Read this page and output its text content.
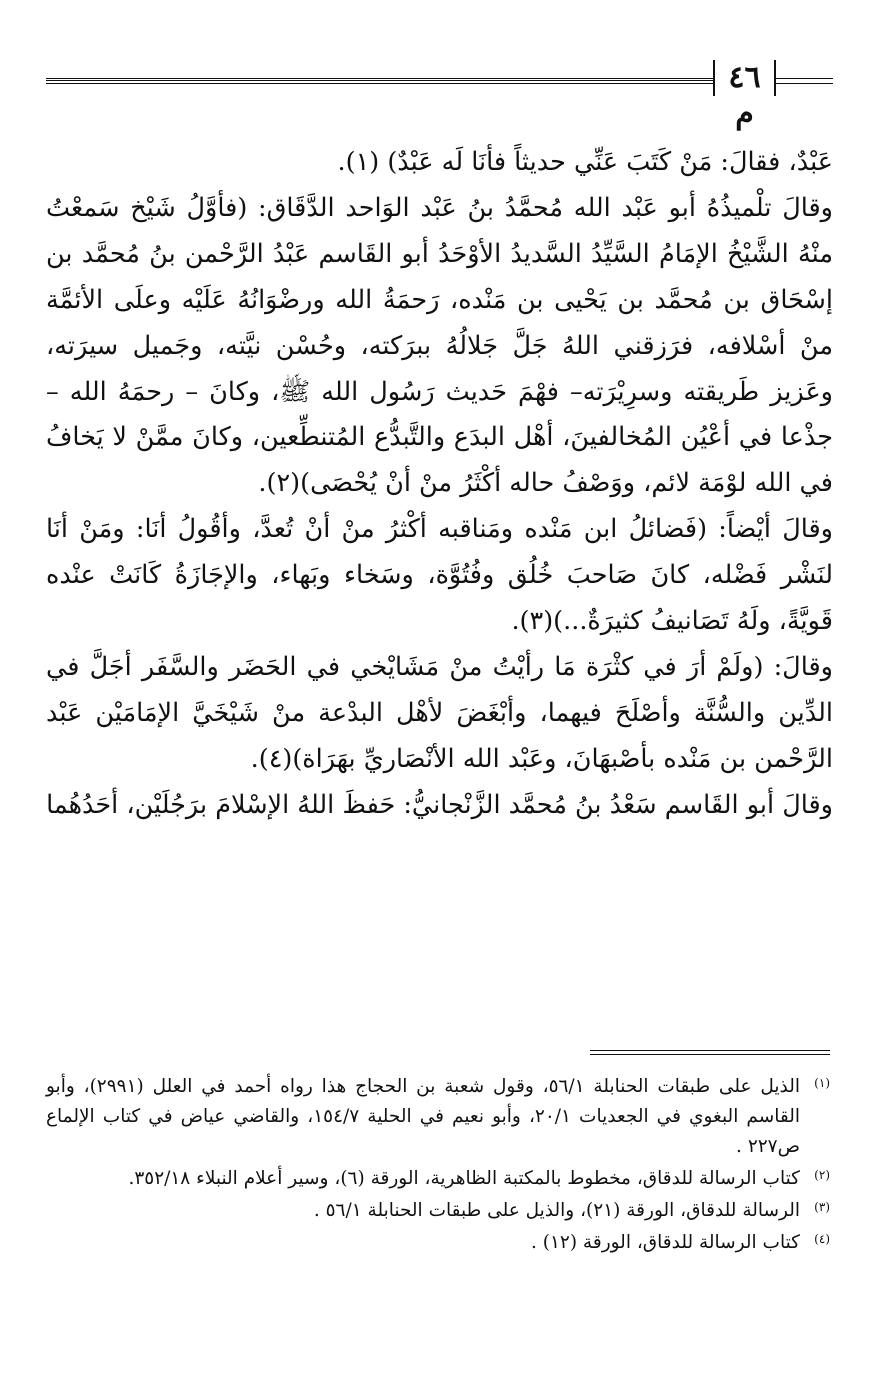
٤٦ م

عَبْدٌ، فقالَ: مَنْ كَتَبَ عَنِّي حديثاً فأنَا لَه عَبْدٌ) (١).

وقالَ تلْميذُهُ أبو عَبْد الله مُحمَّدُ بنُ عَبْد الوَاحد الدَّقَاق: (فأوَّلُ شَيْخ سَمعْتُ منْهُ الشَّيْخُ الإمَامُ السَّيِّدُ السَّديدُ الأوْحَدُ أبو القَاسم عَبْدُ الرَّحْمن بنُ مُحمَّد بن إسْحَاق بن مُحمَّد بن يَحْيى بن مَنْده، رَحمَةُ الله ورضْوَانُهُ عَلَيْه وعلَى الأئمَّة منْ أسْلافه، فرَزقني اللهُ جَلَّ جَلالُهُ ببرَكته، وحُسْن نيَّته، وجَميل سيرَته، وعَزيز طَريقته وسرِيْرَته– فهْمَ حَديث رَسُول الله ﷺ، وكانَ – رحمَهُ الله – جذْعا في أعْيُن المُخالفينَ، أهْل البدَع والتَّبدُّع المُتنطِّعين، وكانَ ممَّنْ لا يَخافُ في الله لوْمَة لائم، ووَصْفُ حاله أكْثَرُ منْ أنْ يُحْصَى)(٢).

وقالَ أيْضاً: (فَضائلُ ابن مَنْده ومَناقبه أكْثرُ منْ أنْ تُعدَّ، وأقُولُ أنَا: ومَنْ أنَا لنَشْر فَضْله، كانَ صَاحبَ خُلُق وفُتُوَّة، وسَخاء وبَهاء، والإجَازَةُ كَانَتْ عنْده قَويَّةً، ولَهُ تَصَانيفُ كثيرَةٌ...)(٣).

وقالَ: (ولَمْ أرَ في كثْرَة مَا رأيْتُ منْ مَشَايْخي في الحَضَر والسَّفَر أجَلَّ في الدِّين والسُّنَّة وأصْلَحَ فيهما، وأبْغَضَ لأهْل البدْعة منْ شَيْخَيَّ الإمَامَيْن عَبْد الرَّحْمن بن مَنْده بأصْبهَانَ، وعَبْد الله الأنْصَاريِّ بهَرَاة)(٤).

وقالَ أبو القَاسم سَعْدُ بنُ مُحمَّد الزَّنْجانيُّ: حَفظَ اللهُ الإسْلامَ برَجُلَيْن، أحَدُهُما

(١)
الذيل على طبقات الحنابلة ٥٦/١، وقول شعبة بن الحجاج هذا رواه أحمد في العلل (٢٩٩١)، وأبو القاسم البغوي في الجعديات ٢٠/١، وأبو نعيم في الحلية ١٥٤/٧، والقاضي عياض في كتاب الإلماع ص٢٢٧ .
(٢)
كتاب الرسالة للدقاق، مخطوط بالمكتبة الظاهرية، الورقة (٦)، وسير أعلام النبلاء ٣٥٢/١٨.
(٣)
الرسالة للدقاق، الورقة (٢١)، والذيل على طبقات الحنابلة ٥٦/١ .
(٤)
كتاب الرسالة للدقاق، الورقة (١٢) .
